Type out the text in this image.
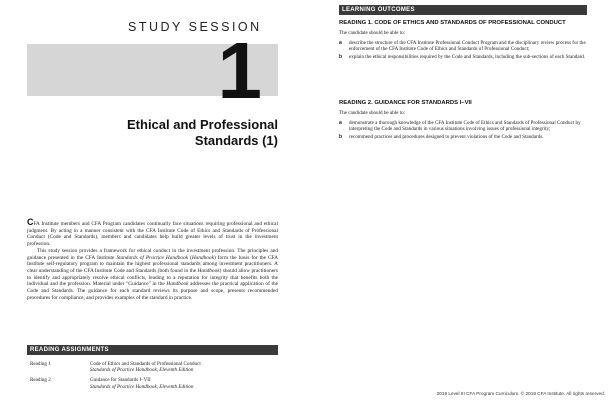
STUDY SESSION
1
Ethical and Professional
Standards (1)

CFA Institute members and CFA Program candidates continually face situations requiring professional and ethical judgment. By acting in a manner consistent with the CFA Institute Code of Ethics and Standards of Professional Conduct (Code and Standards), members and candidates help build greater levels of trust in the investment profession.

This study session provides a framework for ethical conduct in the investment profession. The principles and guidance presented in the CFA Institute Standards of Practice Handbook (Handbook) form the basis for the CFA Institute self-regulatory program to maintain the highest professional standards among investment practitioners. A clear understanding of the CFA Institute Code and Standards (both found in the Handbook) should allow practitioners to identify and appropriately resolve ethical conflicts, leading to a reputation for integrity that benefits both the individual and the profession. Material under "Guidance" in the Handbook addresses the practical application of the Code and Standards. The guidance for each standard reviews its purpose and scope, presents recommended procedures for compliance, and provides examples of the standard in practice.

READING ASSIGNMENTS
Reading 1	Code of Ethics and Standards of Professional Conduct
Standards of Practice Handbook, Eleventh Edition
Reading 2	Guidance for Standards I–VII
Standards of Practice Handbook, Eleventh Edition
LEARNING OUTCOMES
READING 1. CODE OF ETHICS AND STANDARDS OF PROFESSIONAL CONDUCT
The candidate should be able to:
a	describe the structure of the CFA Institute Professional Conduct Program and the disciplinary review process for the enforcement of the CFA Institute Code of Ethics and Standards of Professional Conduct;
b	explain the ethical responsibilities required by the Code and Standards, including the sub-sections of each Standard.
READING 2. GUIDANCE FOR STANDARDS I–VII
The candidate should be able to:
a	demonstrate a thorough knowledge of the CFA Institute Code of Ethics and Standards of Professional Conduct by interpreting the Code and Standards in various situations involving issues of professional integrity;
b	recommend practices and procedures designed to prevent violations of the Code and Standards.
2019 Level III CFA Program Curriculum. © 2018 CFA Institute. All rights reserved.
